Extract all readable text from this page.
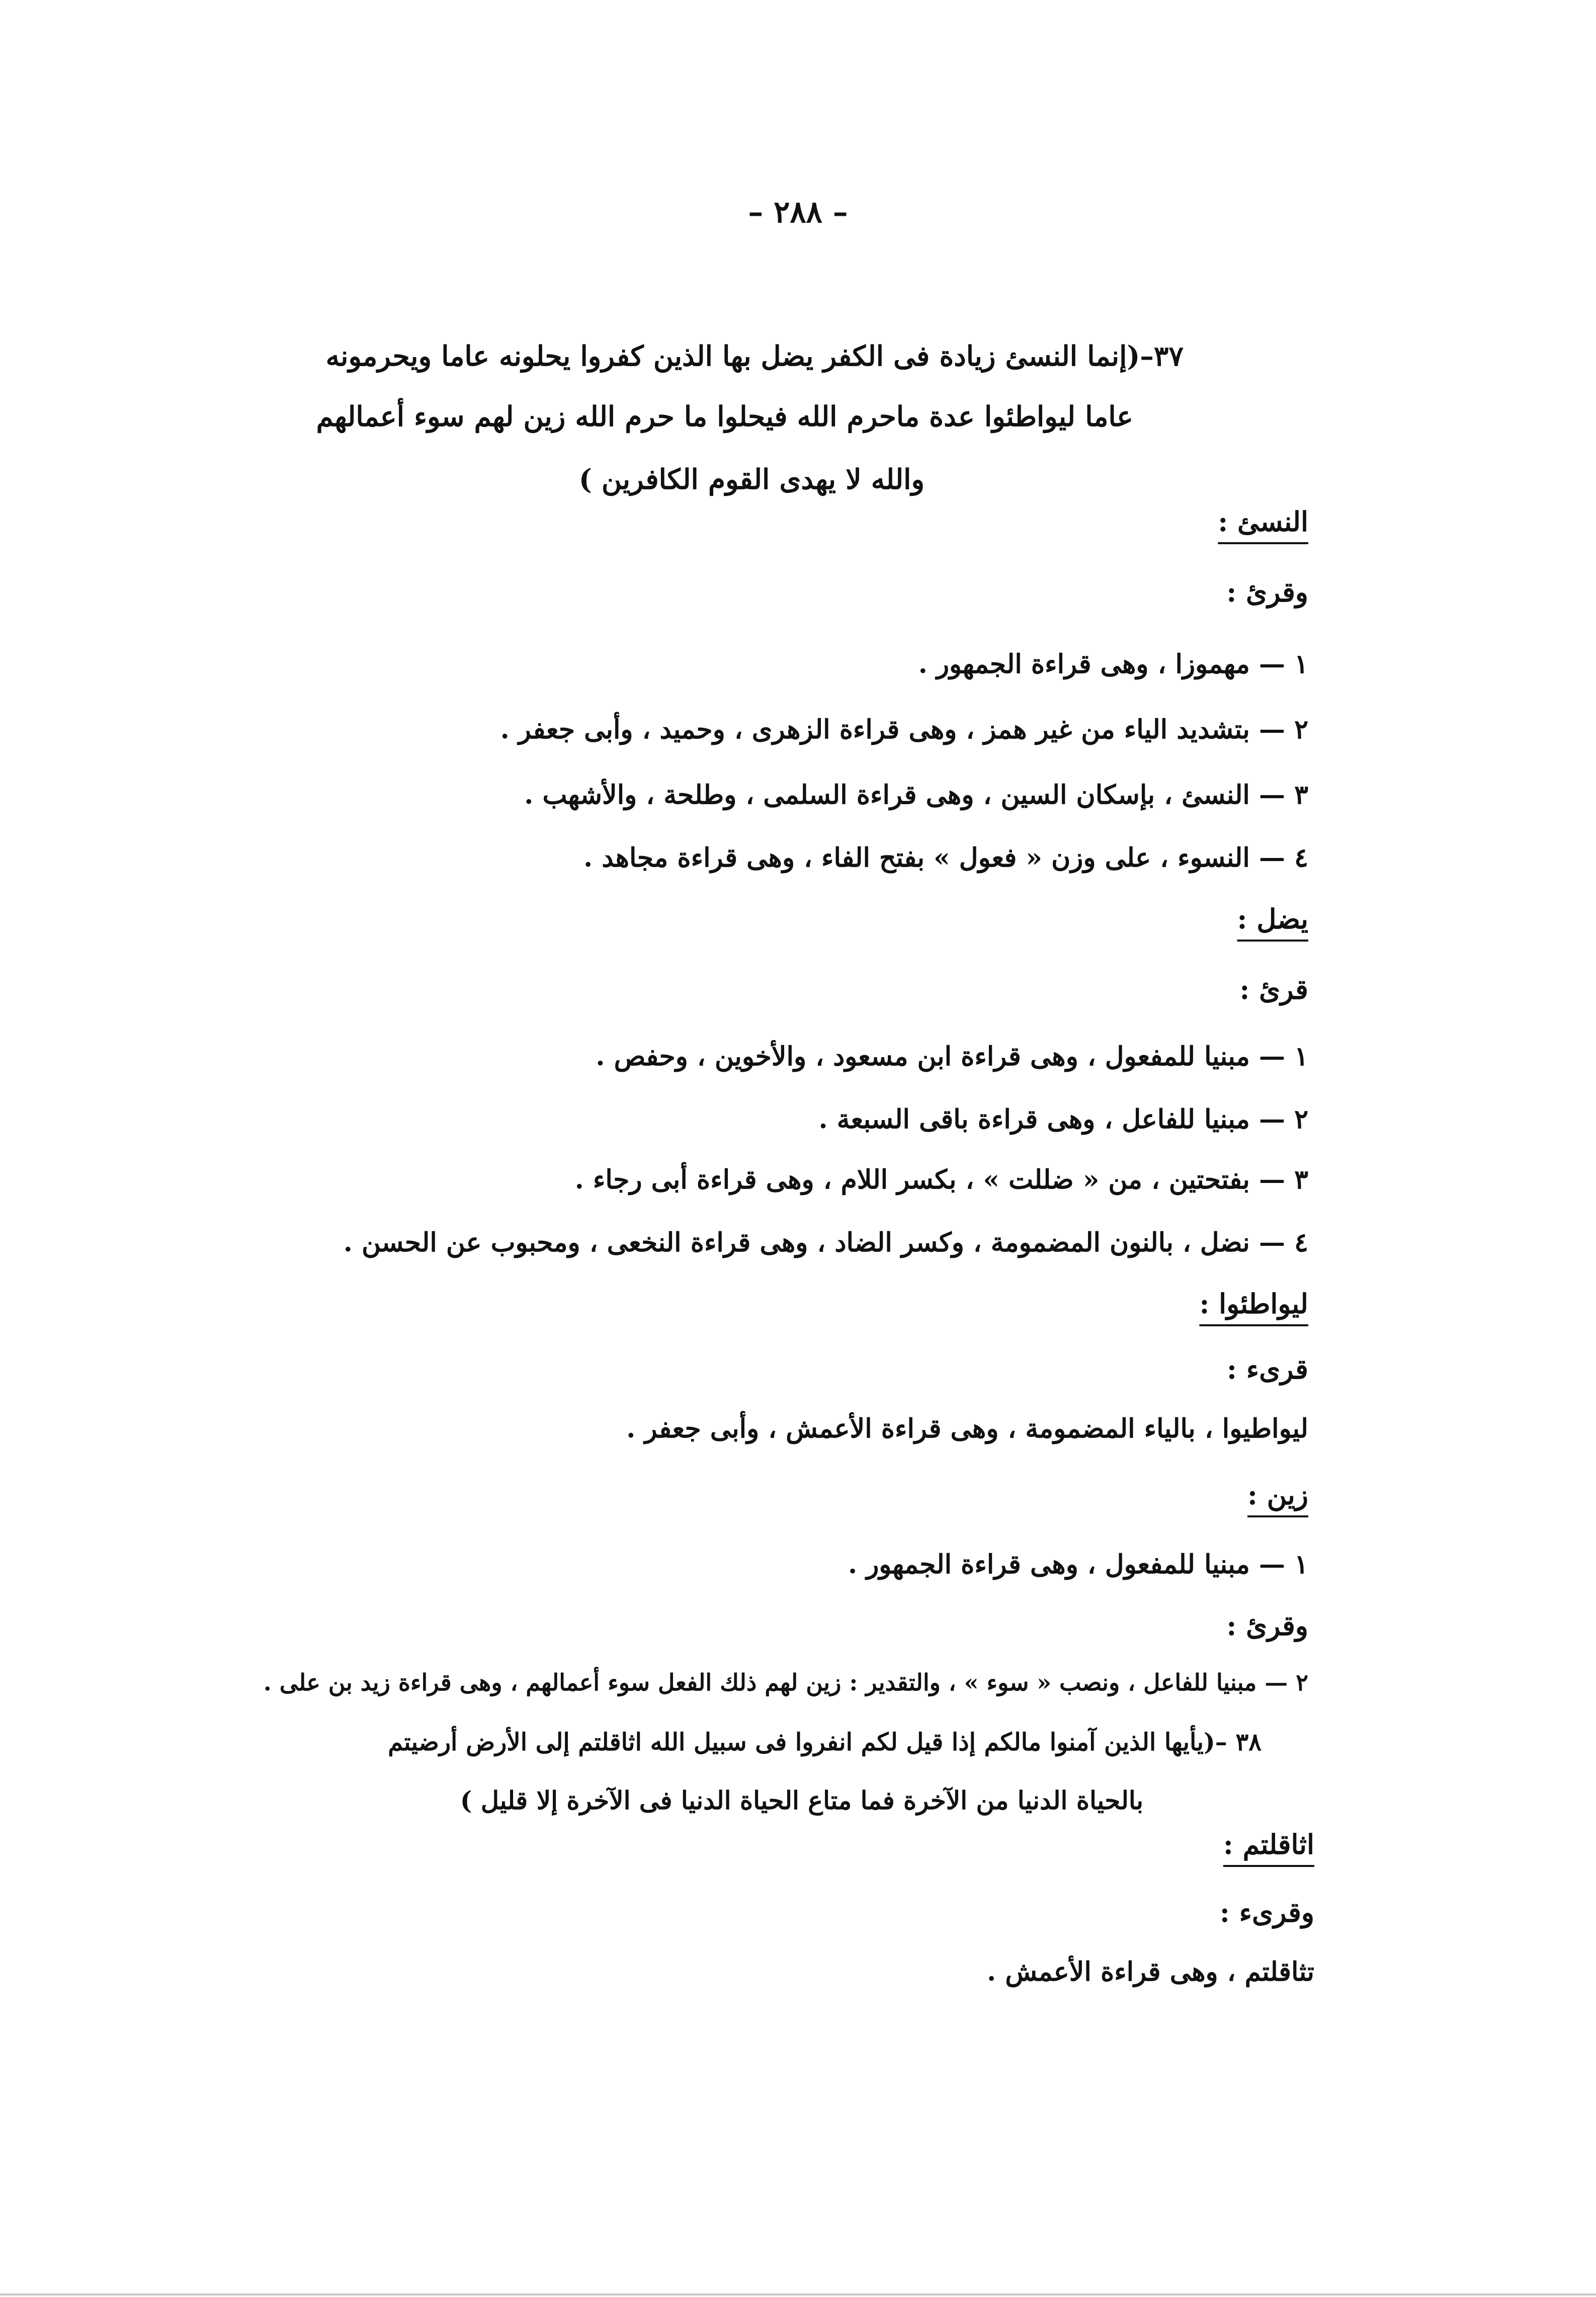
– ٢٨٨ –
٣٧–(إنما النسئ زيادة فى الكفر يضل بها الذين كفروا يحلونه عاما ويحرمونه
عاما ليواطئوا عدة ماحرم الله فيحلوا ما حرم الله زين لهم سوء أعمالهم
والله لا يهدى القوم الكافرين )
النسئ :
وقرئ :
١ — مهموزا ، وهى قراءة الجمهور .
٢ — بتشديد الياء من غير همز ، وهى قراءة الزهرى ، وحميد ، وأبى جعفر .
٣ — النسئ ، بإسكان السين ، وهى قراءة السلمى ، وطلحة ، والأشهب .
٤ — النسوء ، على وزن « فعول » بفتح الفاء ، وهى قراءة مجاهد .
يضل :
قرئ :
١ — مبنيا للمفعول ، وهى قراءة ابن مسعود ، والأخوين ، وحفص .
٢ — مبنيا للفاعل ، وهى قراءة باقى السبعة .
٣ — بفتحتين ، من « ضللت » ، بكسر اللام ، وهى قراءة أبى رجاء .
٤ — نضل ، بالنون المضمومة ، وكسر الضاد ، وهى قراءة النخعى ، ومحبوب عن الحسن .
ليواطئوا :
قرىء :
ليواطيوا ، بالياء المضمومة ، وهى قراءة الأعمش ، وأبى جعفر .
زين :
١ — مبنيا للمفعول ، وهى قراءة الجمهور .
وقرئ :
٢ — مبنيا للفاعل ، ونصب « سوء » ، والتقدير : زين لهم ذلك الفعل سوء أعمالهم ، وهى قراءة زيد بن على .
٣٨ –(يأيها الذين آمنوا مالكم إذا قيل لكم انفروا فى سبيل الله اثاقلتم إلى الأرض أرضيتم
بالحياة الدنيا من الآخرة فما متاع الحياة الدنيا فى الآخرة إلا قليل )
اثاقلتم :
وقرىء :
تثاقلتم ، وهى قراءة الأعمش .
